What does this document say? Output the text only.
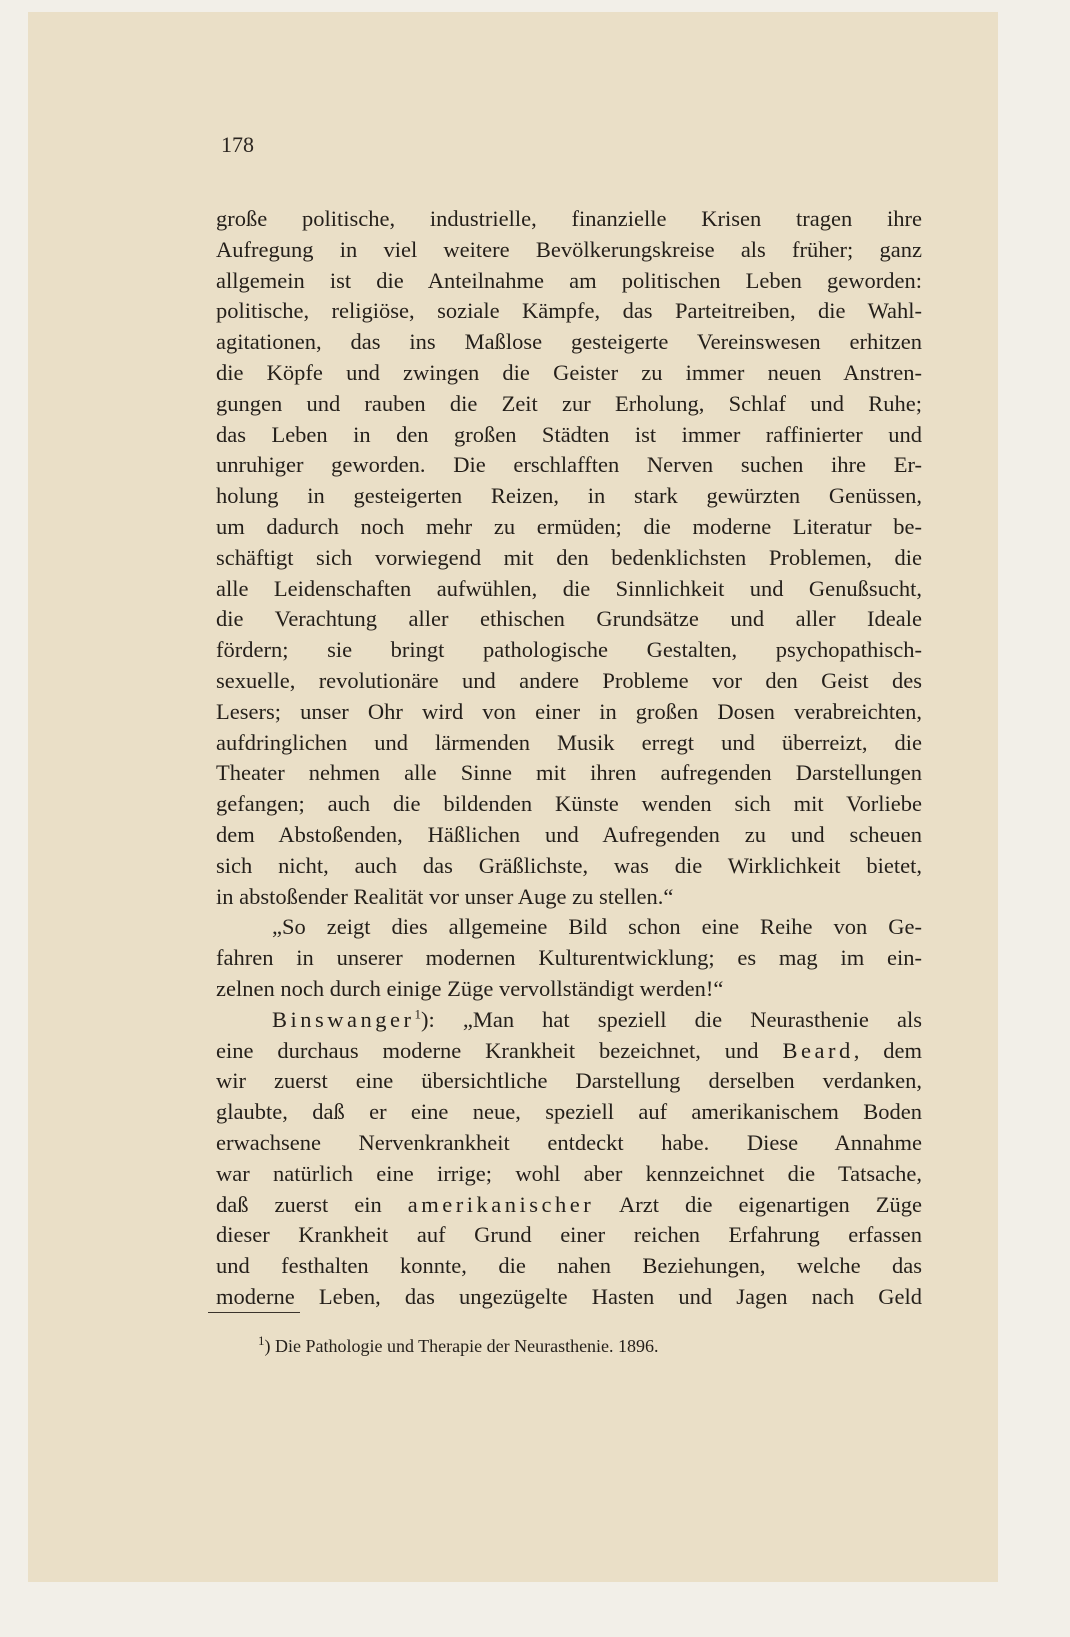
178
große politische, industrielle, finanzielle Krisen tragen ihre
Aufregung in viel weitere Bevölkerungskreise als früher; ganz
allgemein ist die Anteilnahme am politischen Leben geworden:
politische, religiöse, soziale Kämpfe, das Parteitreiben, die Wahl-
agitationen, das ins Maßlose gesteigerte Vereinswesen erhitzen
die Köpfe und zwingen die Geister zu immer neuen Anstren-
gungen und rauben die Zeit zur Erholung, Schlaf und Ruhe;
das Leben in den großen Städten ist immer raffinierter und
unruhiger geworden. Die erschlafften Nerven suchen ihre Er-
holung in gesteigerten Reizen, in stark gewürzten Genüssen,
um dadurch noch mehr zu ermüden; die moderne Literatur be-
schäftigt sich vorwiegend mit den bedenklichsten Problemen, die
alle Leidenschaften aufwühlen, die Sinnlichkeit und Genußsucht,
die Verachtung aller ethischen Grundsätze und aller Ideale
fördern; sie bringt pathologische Gestalten, psychopathisch-
sexuelle, revolutionäre und andere Probleme vor den Geist des
Lesers; unser Ohr wird von einer in großen Dosen verabreichten,
aufdringlichen und lärmenden Musik erregt und überreizt, die
Theater nehmen alle Sinne mit ihren aufregenden Darstellungen
gefangen; auch die bildenden Künste wenden sich mit Vorliebe
dem Abstoßenden, Häßlichen und Aufregenden zu und scheuen
sich nicht, auch das Gräßlichste, was die Wirklichkeit bietet,
in abstoßender Realität vor unser Auge zu stellen.“
„So zeigt dies allgemeine Bild schon eine Reihe von Ge-
fahren in unserer modernen Kulturentwicklung; es mag im ein-
zelnen noch durch einige Züge vervollständigt werden!“
Binswanger$^1$): „Man hat speziell die Neurasthenie als
eine durchaus moderne Krankheit bezeichnet, und Beard, dem
wir zuerst eine übersichtliche Darstellung derselben verdanken,
glaubte, daß er eine neue, speziell auf amerikanischem Boden
erwachsene Nervenkrankheit entdeckt habe. Diese Annahme
war natürlich eine irrige; wohl aber kennzeichnet die Tatsache,
daß zuerst ein amerikanischer Arzt die eigenartigen Züge
dieser Krankheit auf Grund einer reichen Erfahrung erfassen
und festhalten konnte, die nahen Beziehungen, welche das
moderne Leben, das ungezügelte Hasten und Jagen nach Geld
$^1$) Die Pathologie und Therapie der Neurasthenie. 1896.
